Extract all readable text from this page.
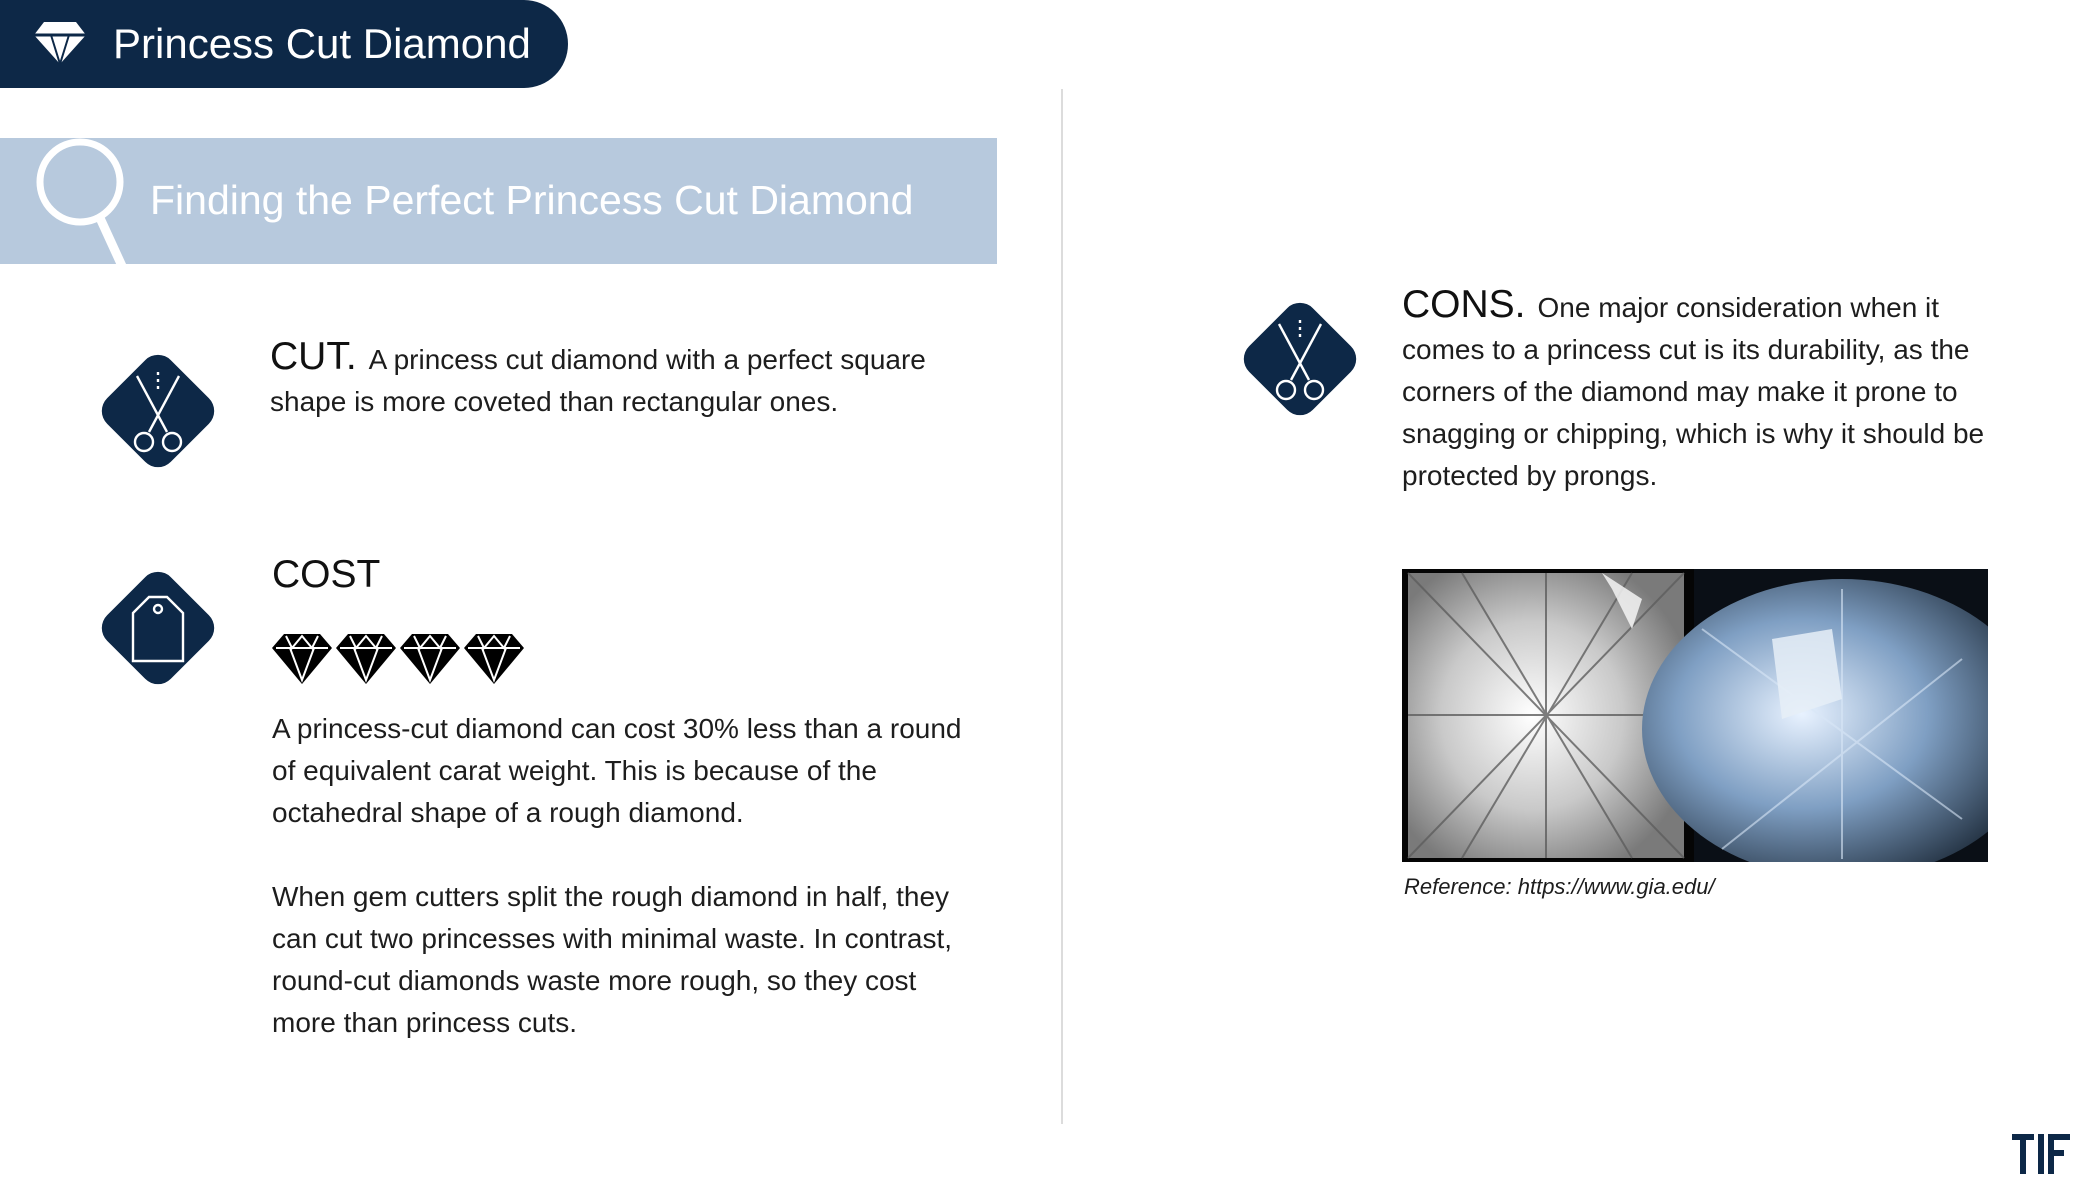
Princess Cut Diamond
Finding the Perfect Princess Cut Diamond
CUT. A princess cut diamond with a perfect square shape is more coveted than rectangular ones.
COST
A princess-cut diamond can cost 30% less than a round of equivalent carat weight. This is because of the octahedral shape of a rough diamond.
When gem cutters split the rough diamond in half, they can cut two princesses with minimal waste. In contrast, round-cut diamonds waste more rough, so they cost more than princess cuts.
CONS. One major consideration when it comes to a princess cut is its durability, as the corners of the diamond may make it prone to snagging or chipping, which is why it should be protected by prongs.
Reference: https://www.gia.edu/
